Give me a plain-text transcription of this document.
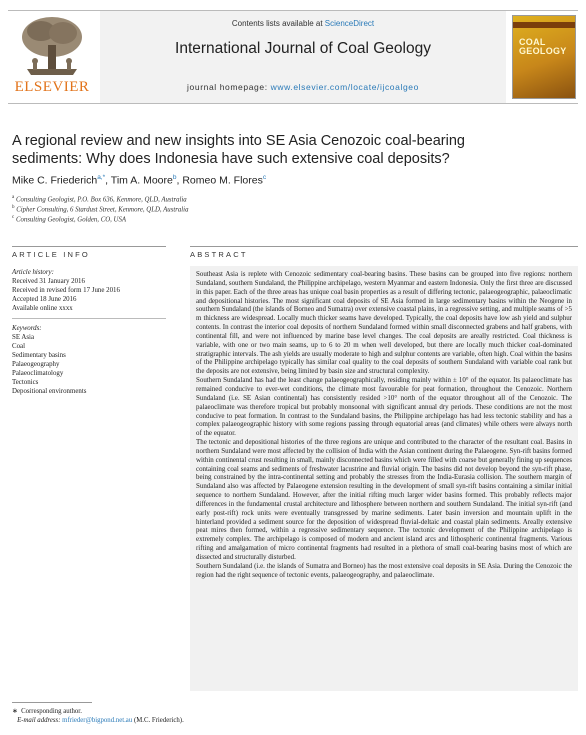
ELSEVIER
Contents lists available at ScienceDirect
International Journal of Coal Geology
journal homepage: www.elsevier.com/locate/ijcoalgeo
COAL
GEOLOGY
A regional review and new insights into SE Asia Cenozoic coal-bearing
sediments: Why does Indonesia have such extensive coal deposits?
Mike C. Friederich$^{a,*}$, Tim A. Moore$^b$, Romeo M. Flores$^c$
$^a$ Consulting Geologist, P.O. Box 636, Kenmore, QLD, Australia
$^b$ Cipher Consulting, 6 Stardust Street, Kenmore, QLD, Australia
$^c$ Consulting Geologist, Golden, CO, USA
ARTICLE INFO	ABSTRACT
Article history:
Received 31 January 2016
Received in revised form 17 June 2016
Accepted 18 June 2016
Available online xxxx
Keywords:
SE Asia
Coal
Sedimentary basins
Palaeogeography
Palaeoclimatology
Tectonics
Depositional environments

Southeast Asia is replete with Cenozoic sedimentary coal-bearing basins. These basins can be grouped into five regions: northern Sundaland, southern Sundaland, the Philippine archipelago, western Myanmar and eastern Indonesia. Only the first three are discussed in this paper. Each of the three areas has unique coal basin properties as a result of differing tectonic, palaeogeographic, palaeoclimatic and depositional histories. The most significant coal deposits of SE Asia formed in large sedimentary basins within the Neogene in southern Sundaland (the islands of Borneo and Sumatra) over extensive coastal plains, in a regressive setting, and multiple seams of >5 m thickness are widespread. Locally much thicker seams have developed. Typically, the coal deposits have low ash yield and sulphur contents. In contrast the interior coal deposits of northern Sundaland formed within small disconnected grabens and half grabens, with continental fill, and were not influenced by marine base level changes. The coal deposits are areally restricted. Coal thickness is variable, with one or two main seams, up to 6 to 20 m when well developed, but there are locally much thicker coal-dominated stratigraphic intervals. The ash yields are usually moderate to high and sulphur contents are variable, often high. Coal within the basins of the Philippine archipelago typically has similar coal quality to the coal deposits of southern Sundaland with variable coal rank but the deposits are not extensive, being limited by basin size and structural complexity.

Southern Sundaland has had the least change palaeogeographically, residing mainly within ± 10° of the equator. Its palaeoclimate has remained conducive to ever-wet conditions, the climate most favourable for peat formation, throughout the Cenozoic. Northern Sundaland (i.e. SE Asian continental) has consistently resided >10° north of the equator throughout all of the Cenozoic. The palaeoclimate was therefore tropical but probably monsoonal with significant annual dry periods. These conditions are not the most conducive to peat formation. In contrast to the Sundaland basins, the Philippine archipelago has had less tectonic stability and has a complex palaeogeographic history with some regions passing through equatorial areas (and climates) while others were always north of the equator.

The tectonic and depositional histories of the three regions are unique and contributed to the character of the resultant coal. Basins in northern Sundaland were most affected by the collision of India with the Asian continent during the Palaeogene. Syn-rift basins formed within continental crust resulting in small, mainly disconnected basins which were filled with coarse but generally fining up sequences containing coal seams and sediments of freshwater lacustrine and fluvial origin. The basins did not develop beyond the syn-rift phase, being constrained by the intra-continental setting and probably the stresses from the India-Eurasia collision. The southern margin of Sundaland also was affected by Palaeogene extension resulting in the development of small syn-rift basins containing a similar initial sequence to northern Sundaland. However, after the initial rifting much larger wider basins formed. This probably reflects major differences in the fundamental crustal architecture and lithosphere between northern and southern Sundaland. The initial syn-rift (and early post-rift) rock units were eventually transgressed by marine sediments. Later basin inversion and mountain uplift in the hinterland provided a sediment source for the deposition of widespread fluvial-deltaic and coastal plain sediments. Areally extensive peat mires then formed, within a regressive sedimentary sequence. The tectonic development of the Philippine archipelago is extremely complex. The archipelago is composed of modern and ancient island arcs and lithospheric continental fragments. Various rifting and amalgamation of micro continental fragments had resulted in a plethora of small coal-bearing basins most of which are dissected and structurally disturbed.

Southern Sundaland (i.e. the islands of Sumatra and Borneo) has the most extensive coal deposits in SE Asia. During the Cenozoic the region had the right sequence of tectonic events, palaeogeography, and palaeoclimate.

∗ Corresponding author.
E-mail address: mfrieder@bigpond.net.au (M.C. Friederich).
